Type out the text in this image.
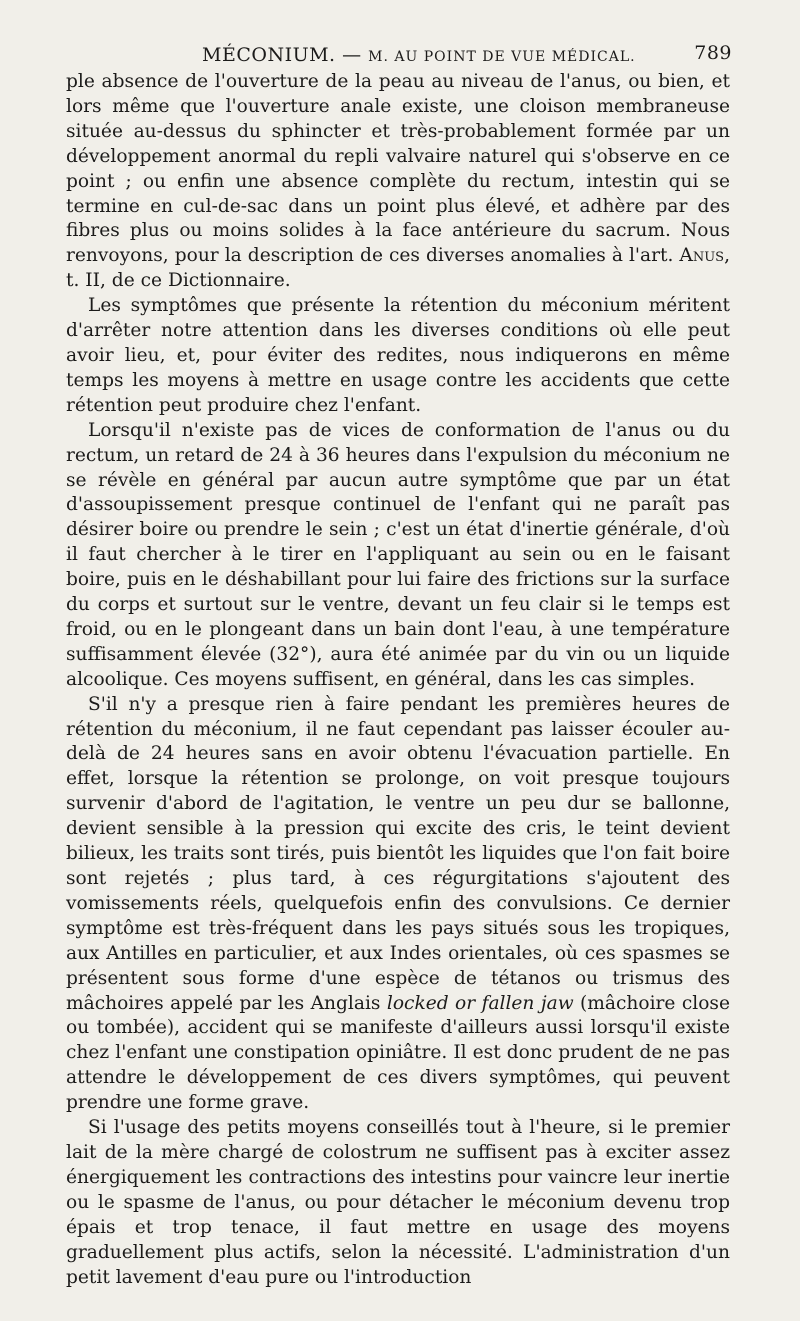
MÉCONIUM. — M. AU POINT DE VUE MÉDICAL.	789

ple absence de l'ouverture de la peau au niveau de l'anus, ou bien, et lors même que l'ouverture anale existe, une cloison membraneuse située au-dessus du sphincter et très-probablement formée par un développement anormal du repli valvaire naturel qui s'observe en ce point ; ou enfin une absence complète du rectum, intestin qui se termine en cul-de-sac dans un point plus élevé, et adhère par des fibres plus ou moins solides à la face antérieure du sacrum. Nous renvoyons, pour la description de ces diverses anomalies à l'art. Anus, t. II, de ce Dictionnaire.

Les symptômes que présente la rétention du méconium méritent d'arrêter notre attention dans les diverses conditions où elle peut avoir lieu, et, pour éviter des redites, nous indiquerons en même temps les moyens à mettre en usage contre les accidents que cette rétention peut produire chez l'enfant.

Lorsqu'il n'existe pas de vices de conformation de l'anus ou du rectum, un retard de 24 à 36 heures dans l'expulsion du méconium ne se révèle en général par aucun autre symptôme que par un état d'assoupissement presque continuel de l'enfant qui ne paraît pas désirer boire ou prendre le sein ; c'est un état d'inertie générale, d'où il faut chercher à le tirer en l'appliquant au sein ou en le faisant boire, puis en le déshabillant pour lui faire des frictions sur la surface du corps et surtout sur le ventre, devant un feu clair si le temps est froid, ou en le plongeant dans un bain dont l'eau, à une température suffisamment élevée (32°), aura été animée par du vin ou un liquide alcoolique. Ces moyens suffisent, en général, dans les cas simples.

S'il n'y a presque rien à faire pendant les premières heures de rétention du méconium, il ne faut cependant pas laisser écouler au-delà de 24 heures sans en avoir obtenu l'évacuation partielle. En effet, lorsque la rétention se prolonge, on voit presque toujours survenir d'abord de l'agitation, le ventre un peu dur se ballonne, devient sensible à la pression qui excite des cris, le teint devient bilieux, les traits sont tirés, puis bientôt les liquides que l'on fait boire sont rejetés ; plus tard, à ces régurgitations s'ajoutent des vomissements réels, quelquefois enfin des convulsions. Ce dernier symptôme est très-fréquent dans les pays situés sous les tropiques, aux Antilles en particulier, et aux Indes orientales, où ces spasmes se présentent sous forme d'une espèce de tétanos ou trismus des mâchoires appelé par les Anglais locked or fallen jaw (mâchoire close ou tombée), accident qui se manifeste d'ailleurs aussi lorsqu'il existe chez l'enfant une constipation opiniâtre. Il est donc prudent de ne pas attendre le développement de ces divers symptômes, qui peuvent prendre une forme grave.

Si l'usage des petits moyens conseillés tout à l'heure, si le premier lait de la mère chargé de colostrum ne suffisent pas à exciter assez énergiquement les contractions des intestins pour vaincre leur inertie ou le spasme de l'anus, ou pour détacher le méconium devenu trop épais et trop tenace, il faut mettre en usage des moyens graduellement plus actifs, selon la nécessité. L'administration d'un petit lavement d'eau pure ou l'introduction
